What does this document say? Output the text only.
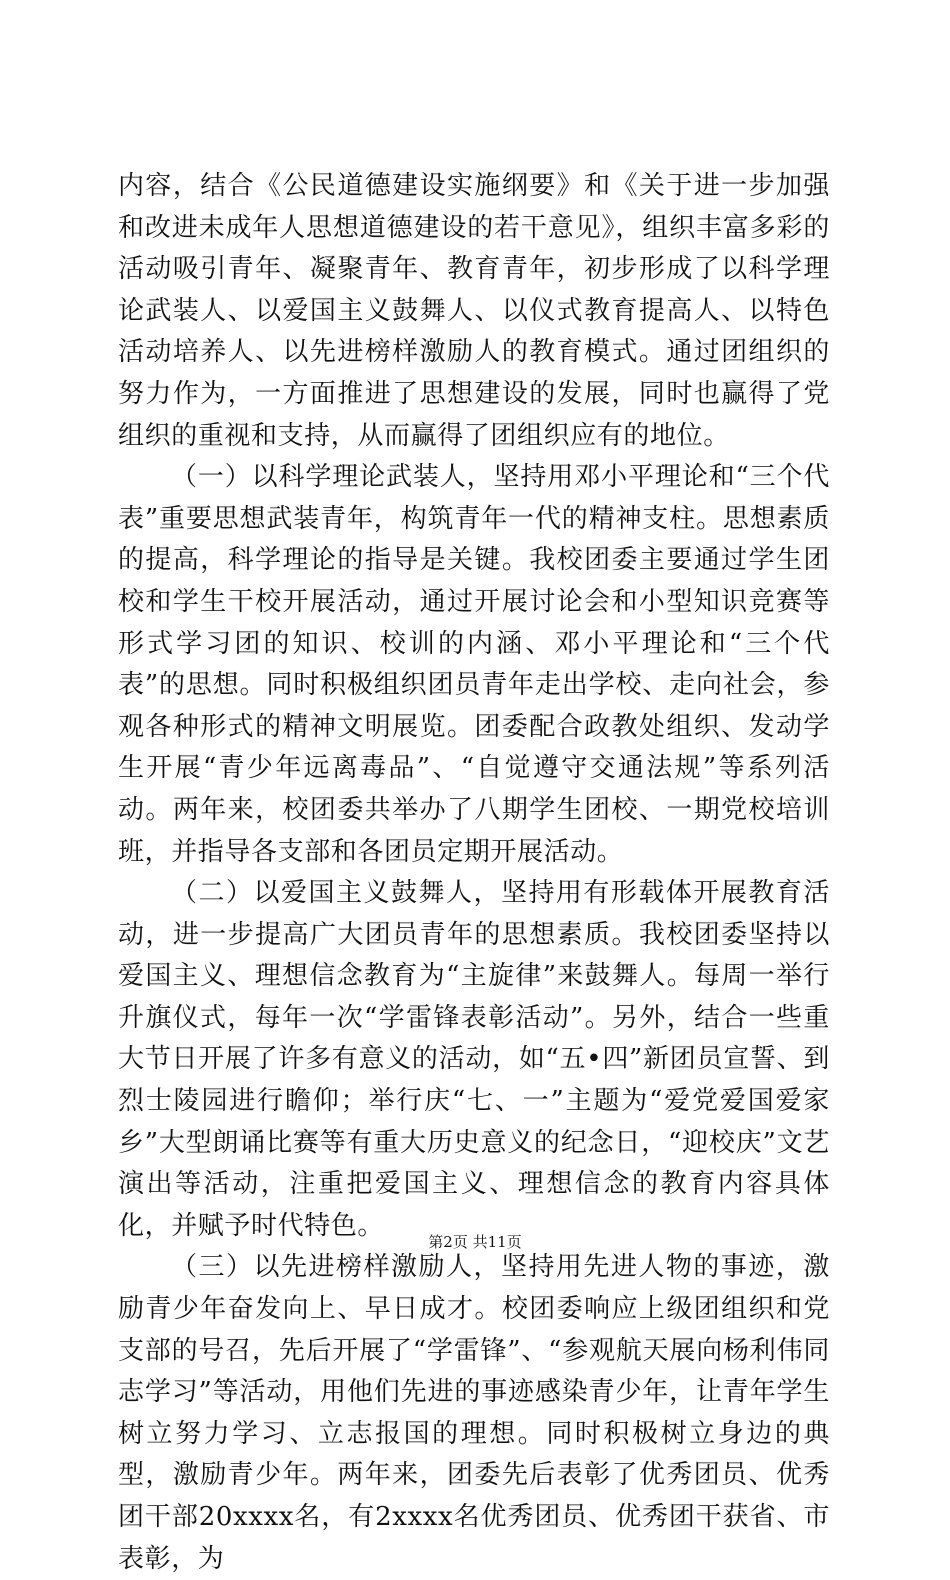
内容，结合《公民道德建设实施纲要》和《关于进一步加强和改进未成年人思想道德建设的若干意见》，组织丰富多彩的活动吸引青年、凝聚青年、教育青年，初步形成了以科学理论武装人、以爱国主义鼓舞人、以仪式教育提高人、以特色活动培养人、以先进榜样激励人的教育模式。通过团组织的努力作为，一方面推进了思想建设的发展，同时也赢得了党组织的重视和支持，从而赢得了团组织应有的地位。

（一）以科学理论武装人，坚持用邓小平理论和“三个代表”重要思想武装青年，构筑青年一代的精神支柱。思想素质的提高，科学理论的指导是关键。我校团委主要通过学生团校和学生干校开展活动，通过开展讨论会和小型知识竞赛等形式学习团的知识、校训的内涵、邓小平理论和“三个代表”的思想。同时积极组织团员青年走出学校、走向社会，参观各种形式的精神文明展览。团委配合政教处组织、发动学生开展“青少年远离毒品”、“自觉遵守交通法规”等系列活动。两年来，校团委共举办了八期学生团校、一期党校培训班，并指导各支部和各团员定期开展活动。

（二）以爱国主义鼓舞人，坚持用有形载体开展教育活动，进一步提高广大团员青年的思想素质。我校团委坚持以爱国主义、理想信念教育为“主旋律”来鼓舞人。每周一举行升旗仪式，每年一次“学雷锋表彰活动”。另外，结合一些重大节日开展了许多有意义的活动，如“五•四”新团员宣誓、到烈士陵园进行瞻仰；举行庆“七、一”主题为“爱党爱国爱家乡”大型朗诵比赛等有重大历史意义的纪念日，“迎校庆”文艺演出等活动，注重把爱国主义、理想信念的教育内容具体化，并赋予时代特色。

（三）以先进榜样激励人，坚持用先进人物的事迹，激励青少年奋发向上、早日成才。校团委响应上级团组织和党支部的号召，先后开展了“学雷锋”、“参观航天展向杨利伟同志学习”等活动，用他们先进的事迹感染青少年，让青年学生树立努力学习、立志报国的理想。同时积极树立身边的典型，激励青少年。两年来，团委先后表彰了优秀团员、优秀团干部20xxxx名，有2xxxx名优秀团员、优秀团干获省、市表彰，为

第2页 共11页
